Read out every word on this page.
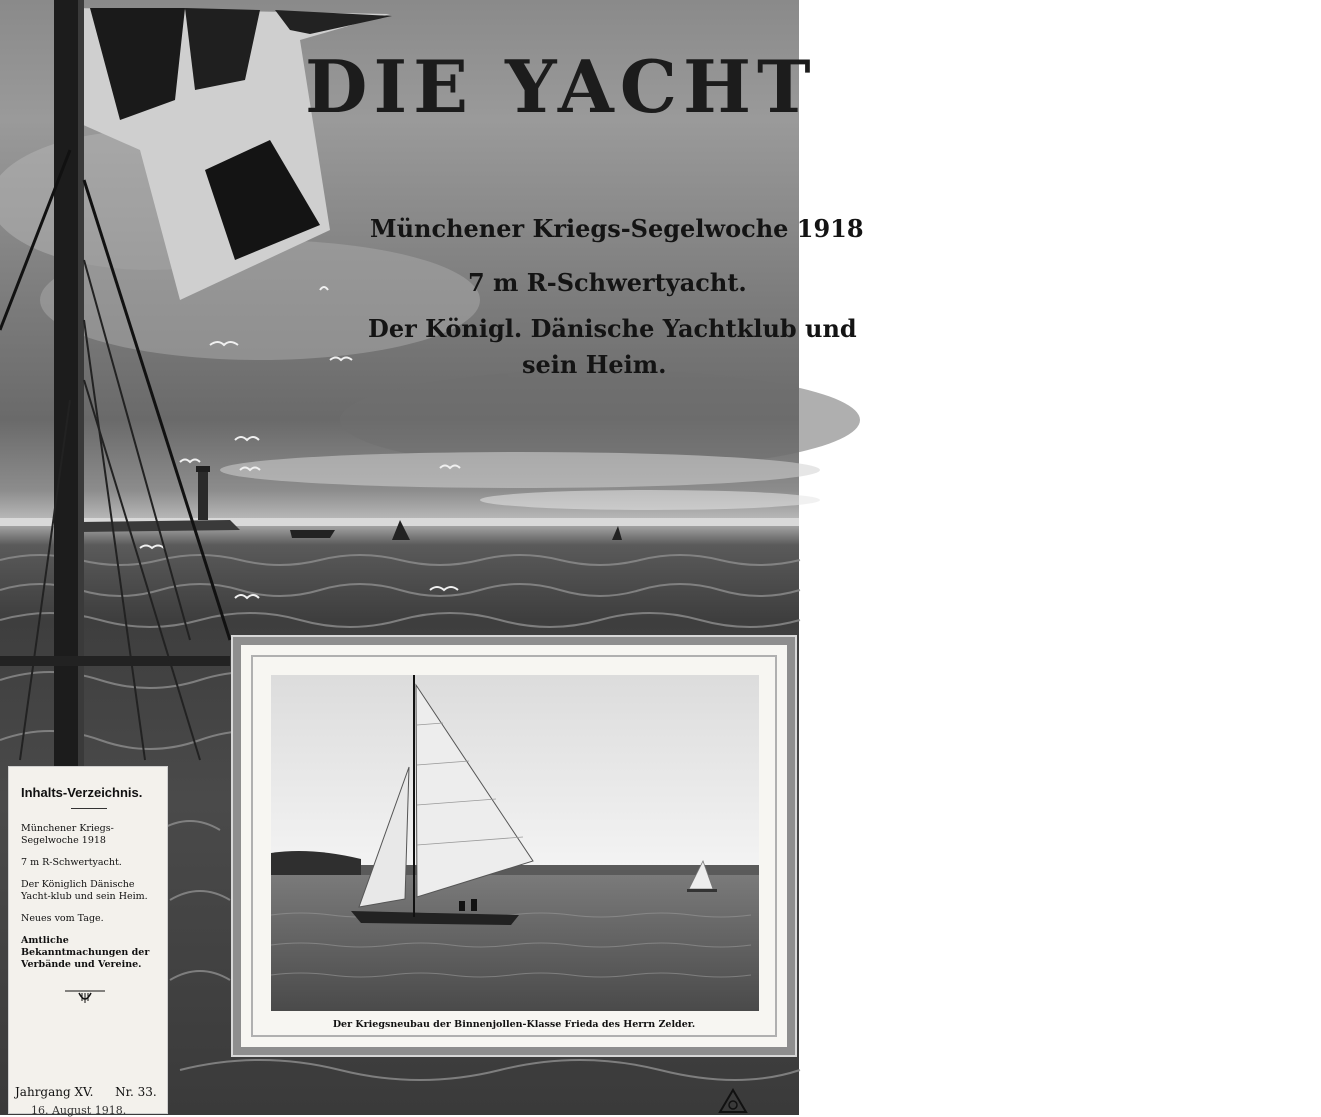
DIE YACHT
Münchener Kriegs-Segelwoche 1918
7 m R-Schwertyacht.
Der Königl. Dänische Yachtklub und
sein Heim.
Inhalts-Verzeichnis.
Münchener Kriegs-Segelwoche 1918
7 m R-Schwertyacht.
Der Königlich Dänische Yacht-klub und sein Heim.
Neues vom Tage.
Amtliche Bekanntmachungen der Verbände und Vereine.
Jahrgang XV. Nr. 33.
16. August 1918.
Der Kriegsneubau der Binnenjollen-Klasse Frieda des Herrn Zelder.
